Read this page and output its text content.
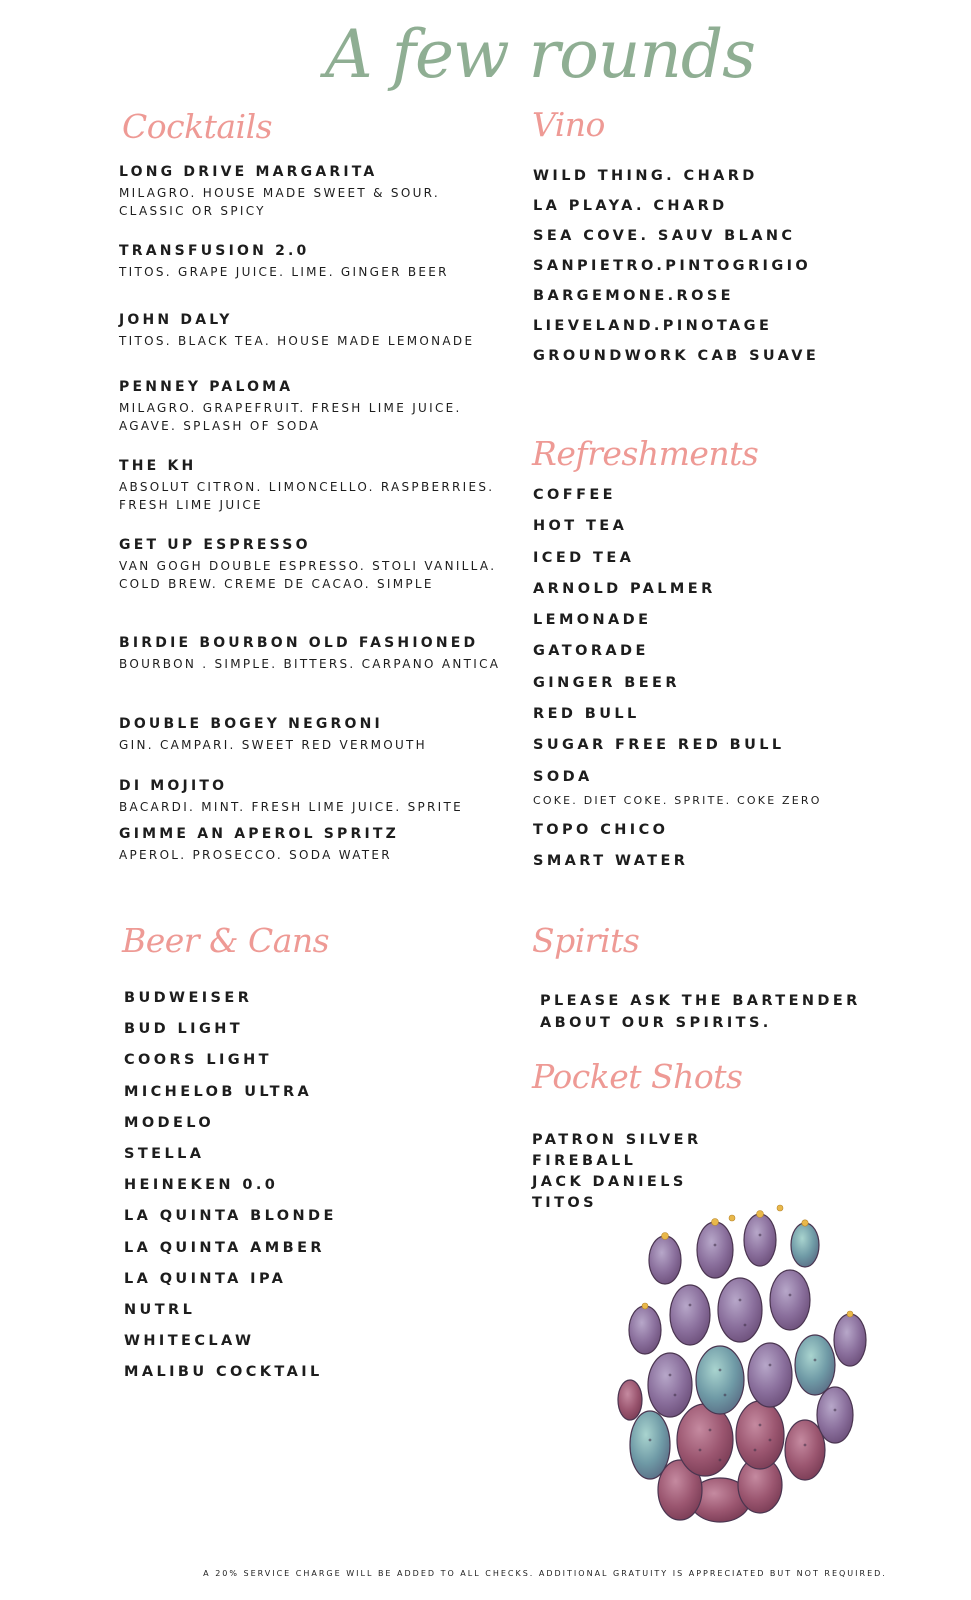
A few rounds
Cocktails
LONG DRIVE MARGARITA
MILAGRO. HOUSE MADE SWEET & SOUR. CLASSIC OR SPICY
TRANSFUSION 2.0
TITOS. GRAPE JUICE. LIME. GINGER BEER
JOHN DALY
TITOS. BLACK TEA. HOUSE MADE LEMONADE
PENNEY PALOMA
MILAGRO. GRAPEFRUIT. FRESH LIME JUICE. AGAVE. SPLASH OF SODA
THE KH
ABSOLUT CITRON. LIMONCELLO. RASPBERRIES. FRESH LIME JUICE
GET UP ESPRESSO
VAN GOGH DOUBLE ESPRESSO. STOLI VANILLA. COLD BREW. CREME DE CACAO. SIMPLE
BIRDIE BOURBON OLD FASHIONED
BOURBON . SIMPLE. BITTERS. CARPANO ANTICA
DOUBLE BOGEY NEGRONI
GIN. CAMPARI. SWEET RED VERMOUTH
DI MOJITO
BACARDI. MINT. FRESH LIME JUICE. SPRITE
GIMME AN APEROL SPRITZ
APEROL. PROSECCO. SODA WATER
Vino
WILD THING. CHARD
LA PLAYA. CHARD
SEA COVE. SAUV BLANC
SANPIETRO.PINTOGRIGIO
BARGEMONE.ROSE
LIEVELAND.PINOTAGE
GROUNDWORK CAB SUAVE
Refreshments
COFFEE
HOT TEA
ICED TEA
ARNOLD PALMER
LEMONADE
GATORADE
GINGER BEER
RED BULL
SUGAR FREE RED BULL
SODA
COKE. DIET COKE. SPRITE. COKE ZERO
TOPO CHICO
SMART WATER
Beer & Cans
BUDWEISER
BUD LIGHT
COORS LIGHT
MICHELOB ULTRA
MODELO
STELLA
HEINEKEN 0.0
LA QUINTA BLONDE
LA QUINTA AMBER
LA QUINTA IPA
NUTRL
WHITECLAW
MALIBU COCKTAIL
Spirits
PLEASE ASK THE BARTENDER ABOUT OUR SPIRITS.
Pocket Shots
PATRON SILVER
FIREBALL
JACK DANIELS
TITOS
A 20% SERVICE CHARGE WILL BE ADDED TO ALL CHECKS. ADDITIONAL GRATUITY IS APPRECIATED BUT NOT REQUIRED.
